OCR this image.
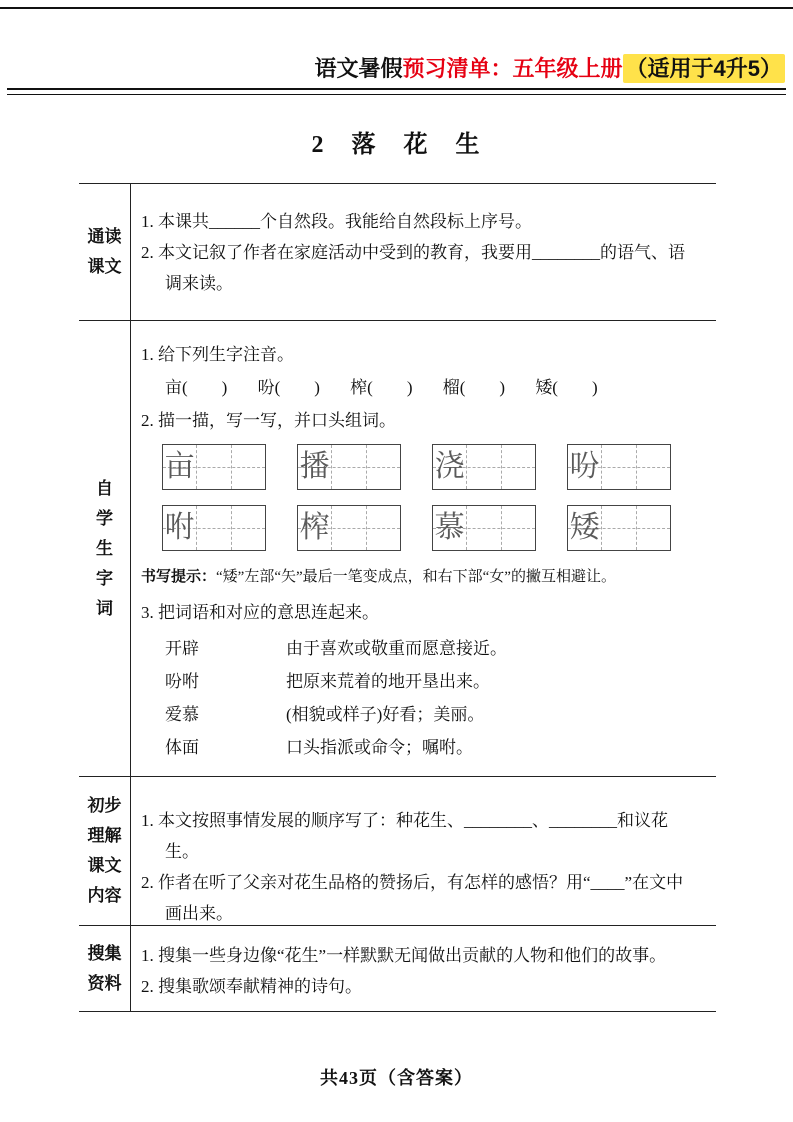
语文暑假预习清单：五年级上册 （适用于4升5）
2　落　花　生
通读
课文
1. 本课共______个自然段。我能给自然段标上序号。
2. 本文记叙了作者在家庭活动中受到的教育，我要用________的语气、语调来读。
自
学
生
字
词
1. 给下列生字注音。
亩(　　) 吩(　　) 榨(　　) 榴(　　) 矮(　　)
2. 描一描，写一写，并口头组词。
亩	播	浇	吩
咐	榨	慕	矮
书写提示：“矮”左部“矢”最后一笔变成点，和右下部“女”的撇互相避让。
3. 把词语和对应的意思连起来。
开辟	由于喜欢或敬重而愿意接近。
吩咐	把原来荒着的地开垦出来。
爱慕	(相貌或样子)好看；美丽。
体面	口头指派或命令；嘱咐。
初步
理解
课文
内容
1. 本文按照事情发展的顺序写了：种花生、________、________和议花生。
2. 作者在听了父亲对花生品格的赞扬后，有怎样的感悟？用“____”在文中画出来。
搜集
资料
1. 搜集一些身边像“花生”一样默默无闻做出贡献的人物和他们的故事。
2. 搜集歌颂奉献精神的诗句。
共43页（含答案）
